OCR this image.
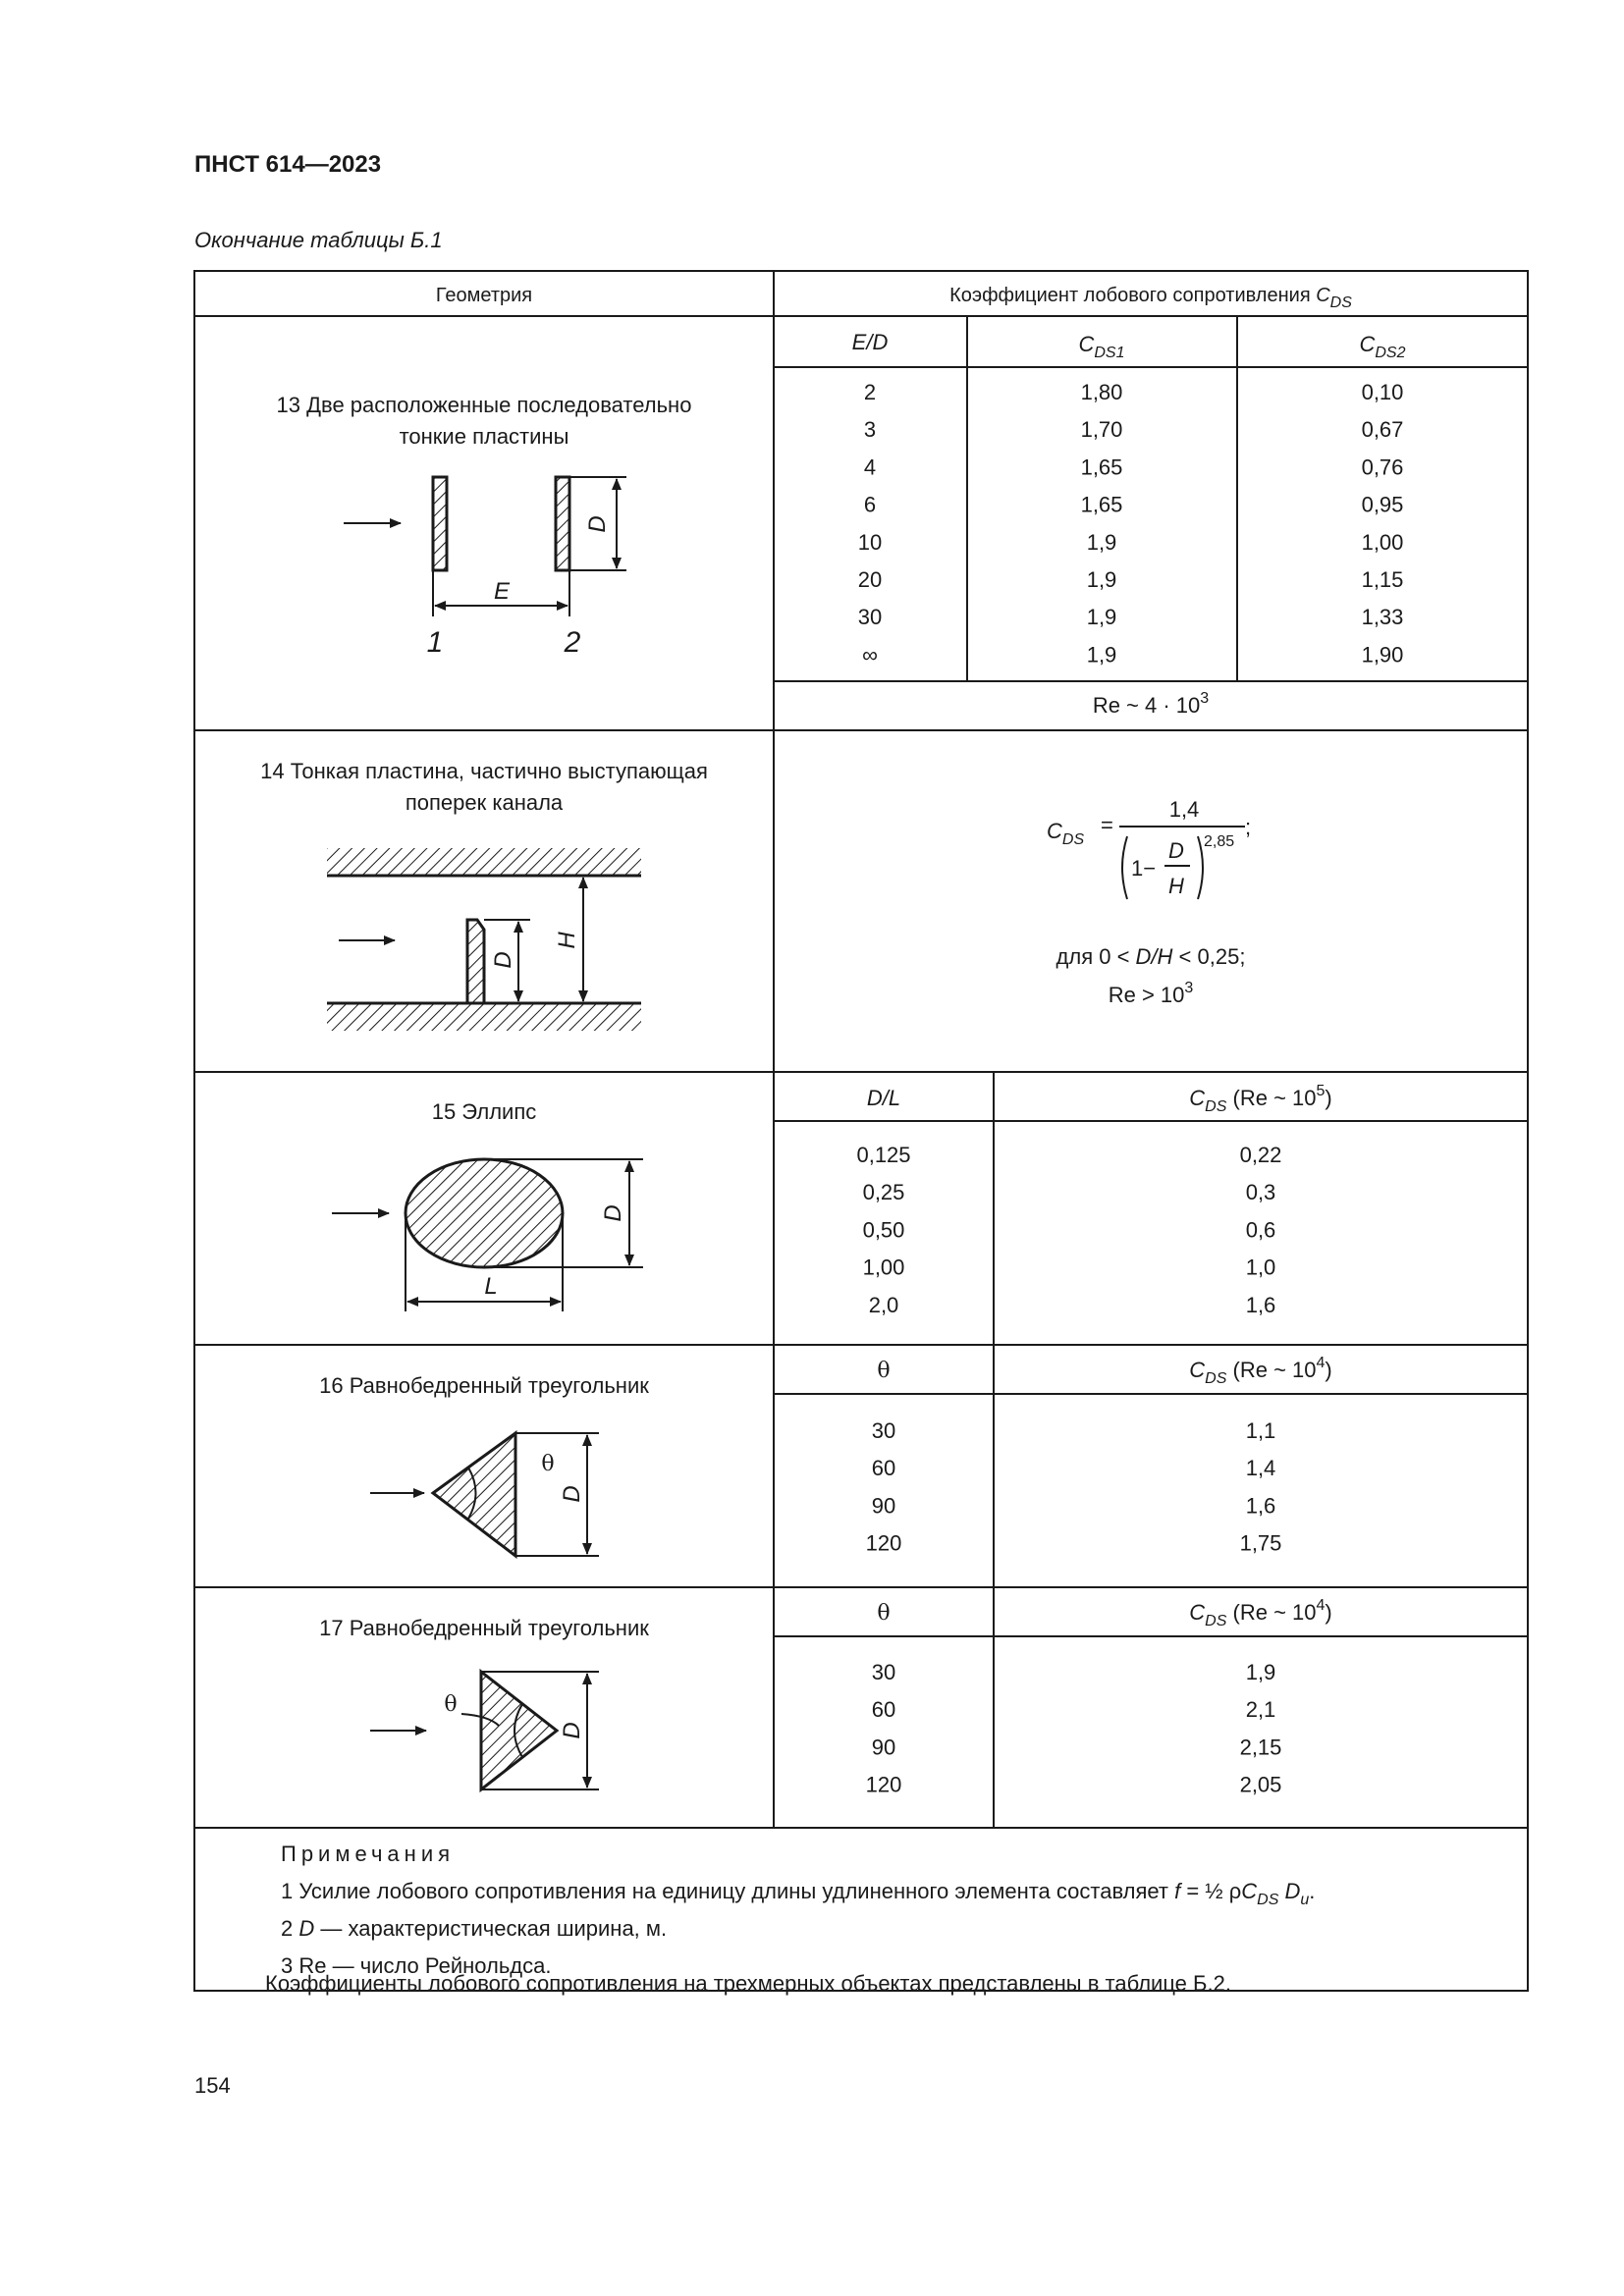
ПНСТ 614—2023
Окончание таблицы Б.1
Геометрия	Коэффициент лобового сопротивления $C_{DS}$
13 Две расположенные последовательно
тонкие пластины
D
E
1	2
E/D	$C_{DS1}$	$C_{DS2}$
2	1,80	0,10
3	1,70	0,67
4	1,65	0,76
6	1,65	0,95
10	1,9	1,00
20	1,9	1,15
30	1,9	1,33
∞	1,9	1,90
Re ~ $4 \cdot 10^3$
14 Тонкая пластина, частично выступающая
поперек канала
D
H
$C_{DS}$
=
1,4
1−
D
H
2,85
;
для 0 < D/H < 0,25;
$Re > 10^3$
15 Эллипс
D
L
D/L	$C_{DS}$ (Re ~ $10^5$)
0,125	0,22
0,25	0,3
0,50	0,6
1,00	1,0
2,0	1,6
16 Равнобедренный треугольник
D
θ
θ	$C_{DS}$ (Re ~ $10^4$)
30	1,1
60	1,4
90	1,6
120	1,75
17 Равнобедренный треугольник
D
θ
θ	$C_{DS}$ (Re ~ $10^4$)
30	1,9
60	2,1
90	2,15
120	2,05
Примечания
1 Усилие лобового сопротивления на единицу длины удлиненного элемента составляет f = ½ $\rho C_{DS}$ $D_u$.
2 D — характеристическая ширина, м.
3 Re — число Рейнольдса.
Коэффициенты лобового сопротивления на трехмерных объектах представлены в таблице Б.2.
154
